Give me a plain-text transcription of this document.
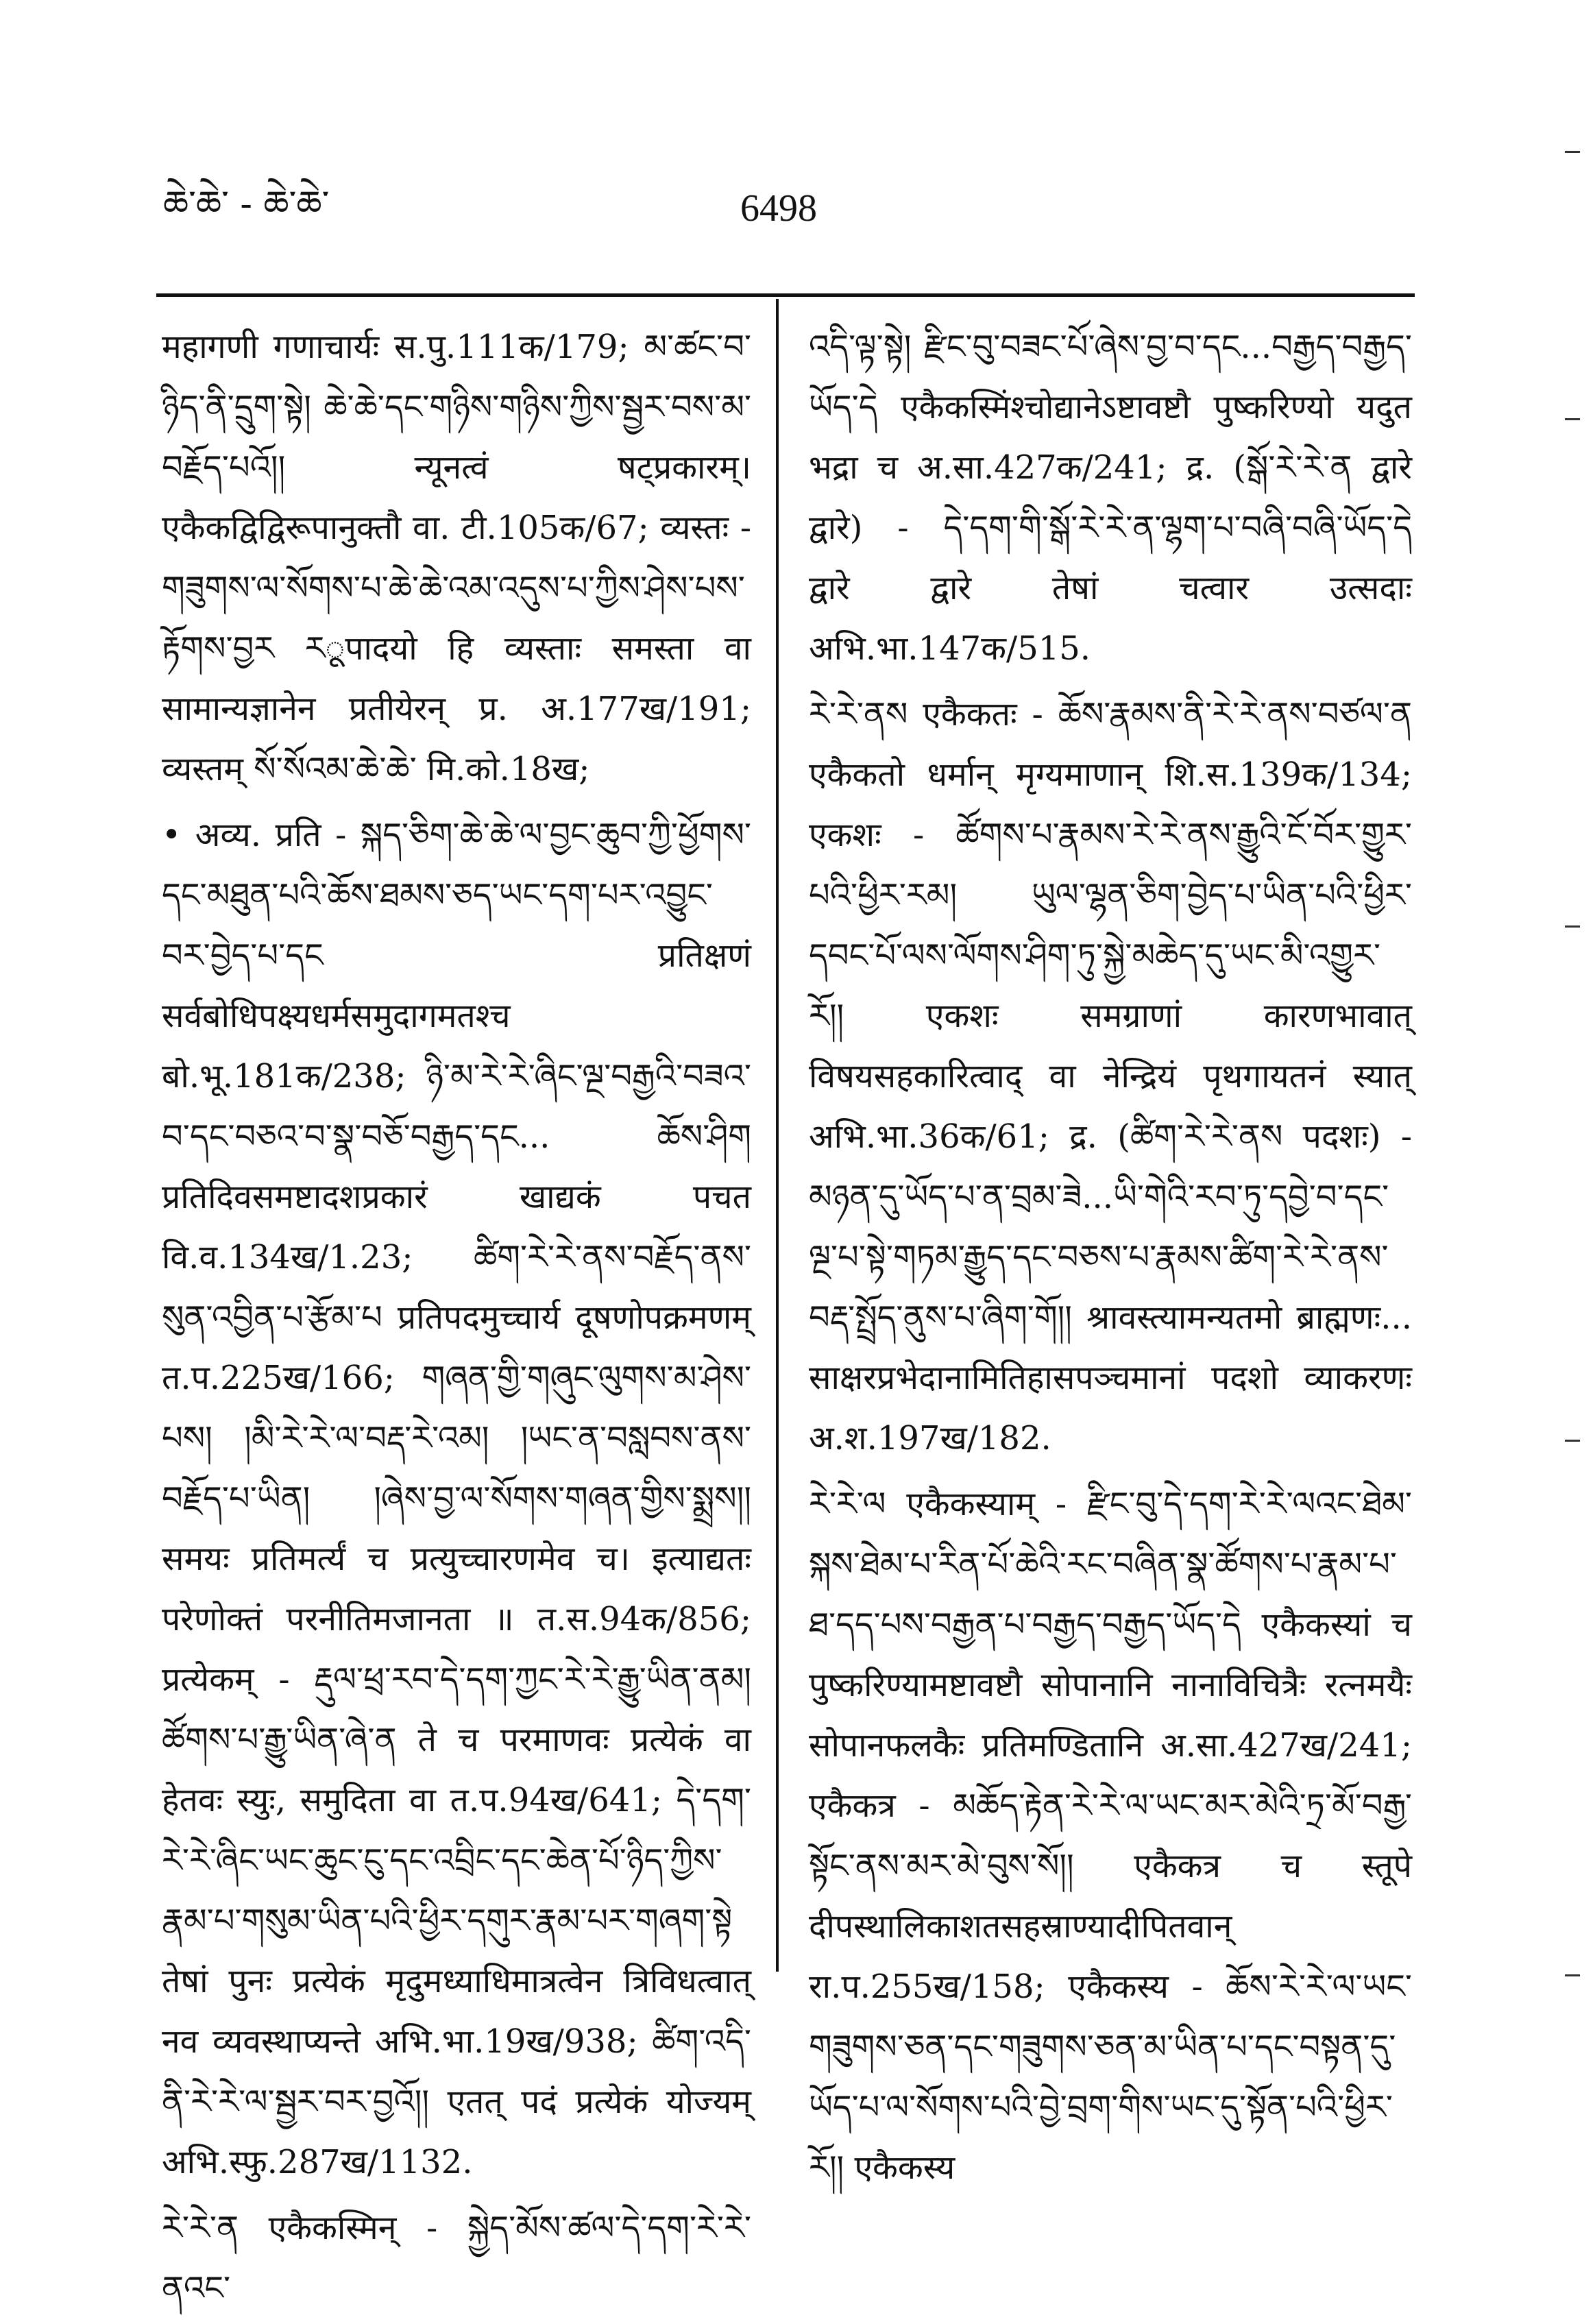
ཆེ་ཆེ་ - ཆེ་ཆེ་	6498

महागणी गणाचार्यः स.पु.111क/179; མ་ཚང་བ་ཉིད་ནི་དྲུག་སྟེ། ཆེ་ཆེ་དང་གཉིས་གཉིས་ཀྱིས་སྦྱར་བས་མ་བརྗོད་པའོ།། न्यूनत्वं षट्प्रकारम्। एकैकद्विद्विरूपानुक्तौ वा. टी.105क/67; व्यस्तः - གཟུགས་ལ་སོགས་པ་ཆེ་ཆེ་འམ་འདུས་པ་ཀྱིས་ཤེས་པས་རྟོགས་བྱར རूपादयो हि व्यस्ताः समस्ता वा सामान्यज्ञानेन प्रतीयेरन् प्र. अ.177ख/191; व्यस्तम् སོ་སོའམ་ཆེ་ཆེ་ मि.को.18ख;

• अव्य. प्रति - སྐད་ཅིག་ཆེ་ཆེ་ལ་བྱང་ཆུབ་ཀྱི་ཕྱོགས་དང་མཐུན་པའི་ཆོས་ཐམས་ཅད་ཡང་དག་པར་འབྱུང་བར་བྱེད་པ་དང प्रतिक्षणं सर्वबोधिपक्ष्यधर्मसमुदागमतश्च बो.भू.181क/238; ཉི་མ་རེ་རེ་ཞིང་ལྔ་བརྒྱའི་བཟའ་བ་དང་བཅའ་བ་སྣ་བཅོ་བརྒྱད་དང... ཆོས་ཤིག प्रतिदिवसमष्टादशप्रकारं खाद्यकं पचत वि.व.134ख/1.23; ཚིག་རེ་རེ་ནས་བརྗོད་ནས་སུན་འབྱིན་པ་རྩོམ་པ प्रतिपदमुच्चार्य दूषणोपक्रमणम् त.प.225ख/166; གཞན་གྱི་གཞུང་ལུགས་མ་ཤེས་པས། །མི་རེ་རེ་ལ་བརྡ་རེ་འམ། །ཡང་ན་བསླབས་ནས་བརྗོད་པ་ཡིན། །ཞེས་བྱ་ལ་སོགས་གཞན་གྱིས་སྨྲས།། समयः प्रतिमर्त्यं च प्रत्युच्चारणमेव च। इत्याद्यतः परेणोक्तं परनीतिमजानता ॥ त.स.94क/856; प्रत्येकम् - རྡུལ་ཕྲ་རབ་དེ་དག་ཀྱང་རེ་རེ་རྒྱུ་ཡིན་ནམ། ཚོགས་པ་རྒྱུ་ཡིན་ཞེ་ན ते च परमाणवः प्रत्येकं वा हेतवः स्युः, समुदिता वा त.प.94ख/641; དེ་དག་རེ་རེ་ཞིང་ཡང་ཆུང་ངུ་དང་འབྲིང་དང་ཆེན་པོ་ཉིད་ཀྱིས་རྣམ་པ་གསུམ་ཡིན་པའི་ཕྱིར་དགུར་རྣམ་པར་གཞག་སྟེ तेषां पुनः प्रत्येकं मृदुमध्याधिमात्रत्वेन त्रिविधत्वात् नव व्यवस्थाप्यन्ते अभि.भा.19ख/938; ཚིག་འདི་ནི་རེ་རེ་ལ་སྦྱར་བར་བྱའོ།། एतत् पदं प्रत्येकं योज्यम् अभि.स्फु.287ख/1132.

རེ་རེ་ན एकैकस्मिन् - སྐྱེད་མོས་ཚལ་དེ་དག་རེ་རེ་ནའང་

འདི་ལྟ་སྟེ། རྫིང་བུ་བཟང་པོ་ཞེས་བྱ་བ་དང...བརྒྱད་བརྒྱད་ཡོད་དེ एकैकस्मिंश्चोद्यानेऽष्टावष्टौ पुष्करिण्यो यदुत भद्रा च अ.सा.427क/241; द्र. (སྒོ་རེ་རེ་ན द्वारे द्वारे) - དེ་དག་གི་སྒོ་རེ་རེ་ན་ལྷག་པ་བཞི་བཞི་ཡོད་དེ द्वारे द्वारे तेषां चत्वार उत्सदाः अभि.भा.147क/515.

རེ་རེ་ནས एकैकतः - ཆོས་རྣམས་ནི་རེ་རེ་ནས་བཙལ་ན एकैकतो धर्मान् मृग्यमाणान् शि.स.139क/134; एकशः - ཚོགས་པ་རྣམས་རེ་རེ་ནས་རྒྱུའི་ངོ་བོར་གྱུར་པའི་ཕྱིར་རམ། ཡུལ་ལྷན་ཅིག་བྱེད་པ་ཡིན་པའི་ཕྱིར་དབང་པོ་ལས་ལོགས་ཤིག་ཏུ་སྐྱེ་མཆེད་དུ་ཡང་མི་འགྱུར་རོ།། एकशः समग्राणां कारणभावात् विषयसहकारित्वाद् वा नेन्द्रियं पृथगायतनं स्यात् अभि.भा.36क/61; द्र. (ཚིག་རེ་རེ་ནས पदशः) - མཉན་དུ་ཡོད་པ་ན་བྲམ་ཟེ...ཡི་གེའི་རབ་ཏུ་དབྱེ་བ་དང་ལྔ་པ་སྟེ་གཏམ་རྒྱུད་དང་བཅས་པ་རྣམས་ཚིག་རེ་རེ་ནས་བརྡ་སྤྲོད་ནུས་པ་ཞིག་གོ།། श्रावस्त्यामन्यतमो ब्राह्मणः... साक्षरप्रभेदानामितिहासपञ्चमानां पदशो व्याकरणः अ.श.197ख/182.

རེ་རེ་ལ एकैकस्याम् - རྫིང་བུ་དེ་དག་རེ་རེ་ལའང་ཐེམ་སྐས་ཐེམ་པ་རིན་པོ་ཆེའི་རང་བཞིན་སྣ་ཚོགས་པ་རྣམ་པ་ཐ་དད་པས་བརྒྱན་པ་བརྒྱད་བརྒྱད་ཡོད་དེ एकैकस्यां च पुष्करिण्यामष्टावष्टौ सोपानानि नानाविचित्रैः रत्नमयैः सोपानफलकैः प्रतिमण्डितानि अ.सा.427ख/241; एकैकत्र - མཆོད་རྟེན་རེ་རེ་ལ་ཡང་མར་མེའི་ཏྲ་མོ་བརྒྱ་སྟོང་ནས་མར་མེ་བུས་སོ།། एकैकत्र च स्तूपे दीपस्थालिकाशतसहस्राण्यादीपितवान् रा.प.255ख/158; एकैकस्य - ཆོས་རེ་རེ་ལ་ཡང་གཟུགས་ཅན་དང་གཟུགས་ཅན་མ་ཡིན་པ་དང་བསྟན་དུ་ཡོད་པ་ལ་སོགས་པའི་བྱེ་བྲག་གིས་ཡང་དུ་སྟོན་པའི་ཕྱིར་རོ།། एकैकस्य
